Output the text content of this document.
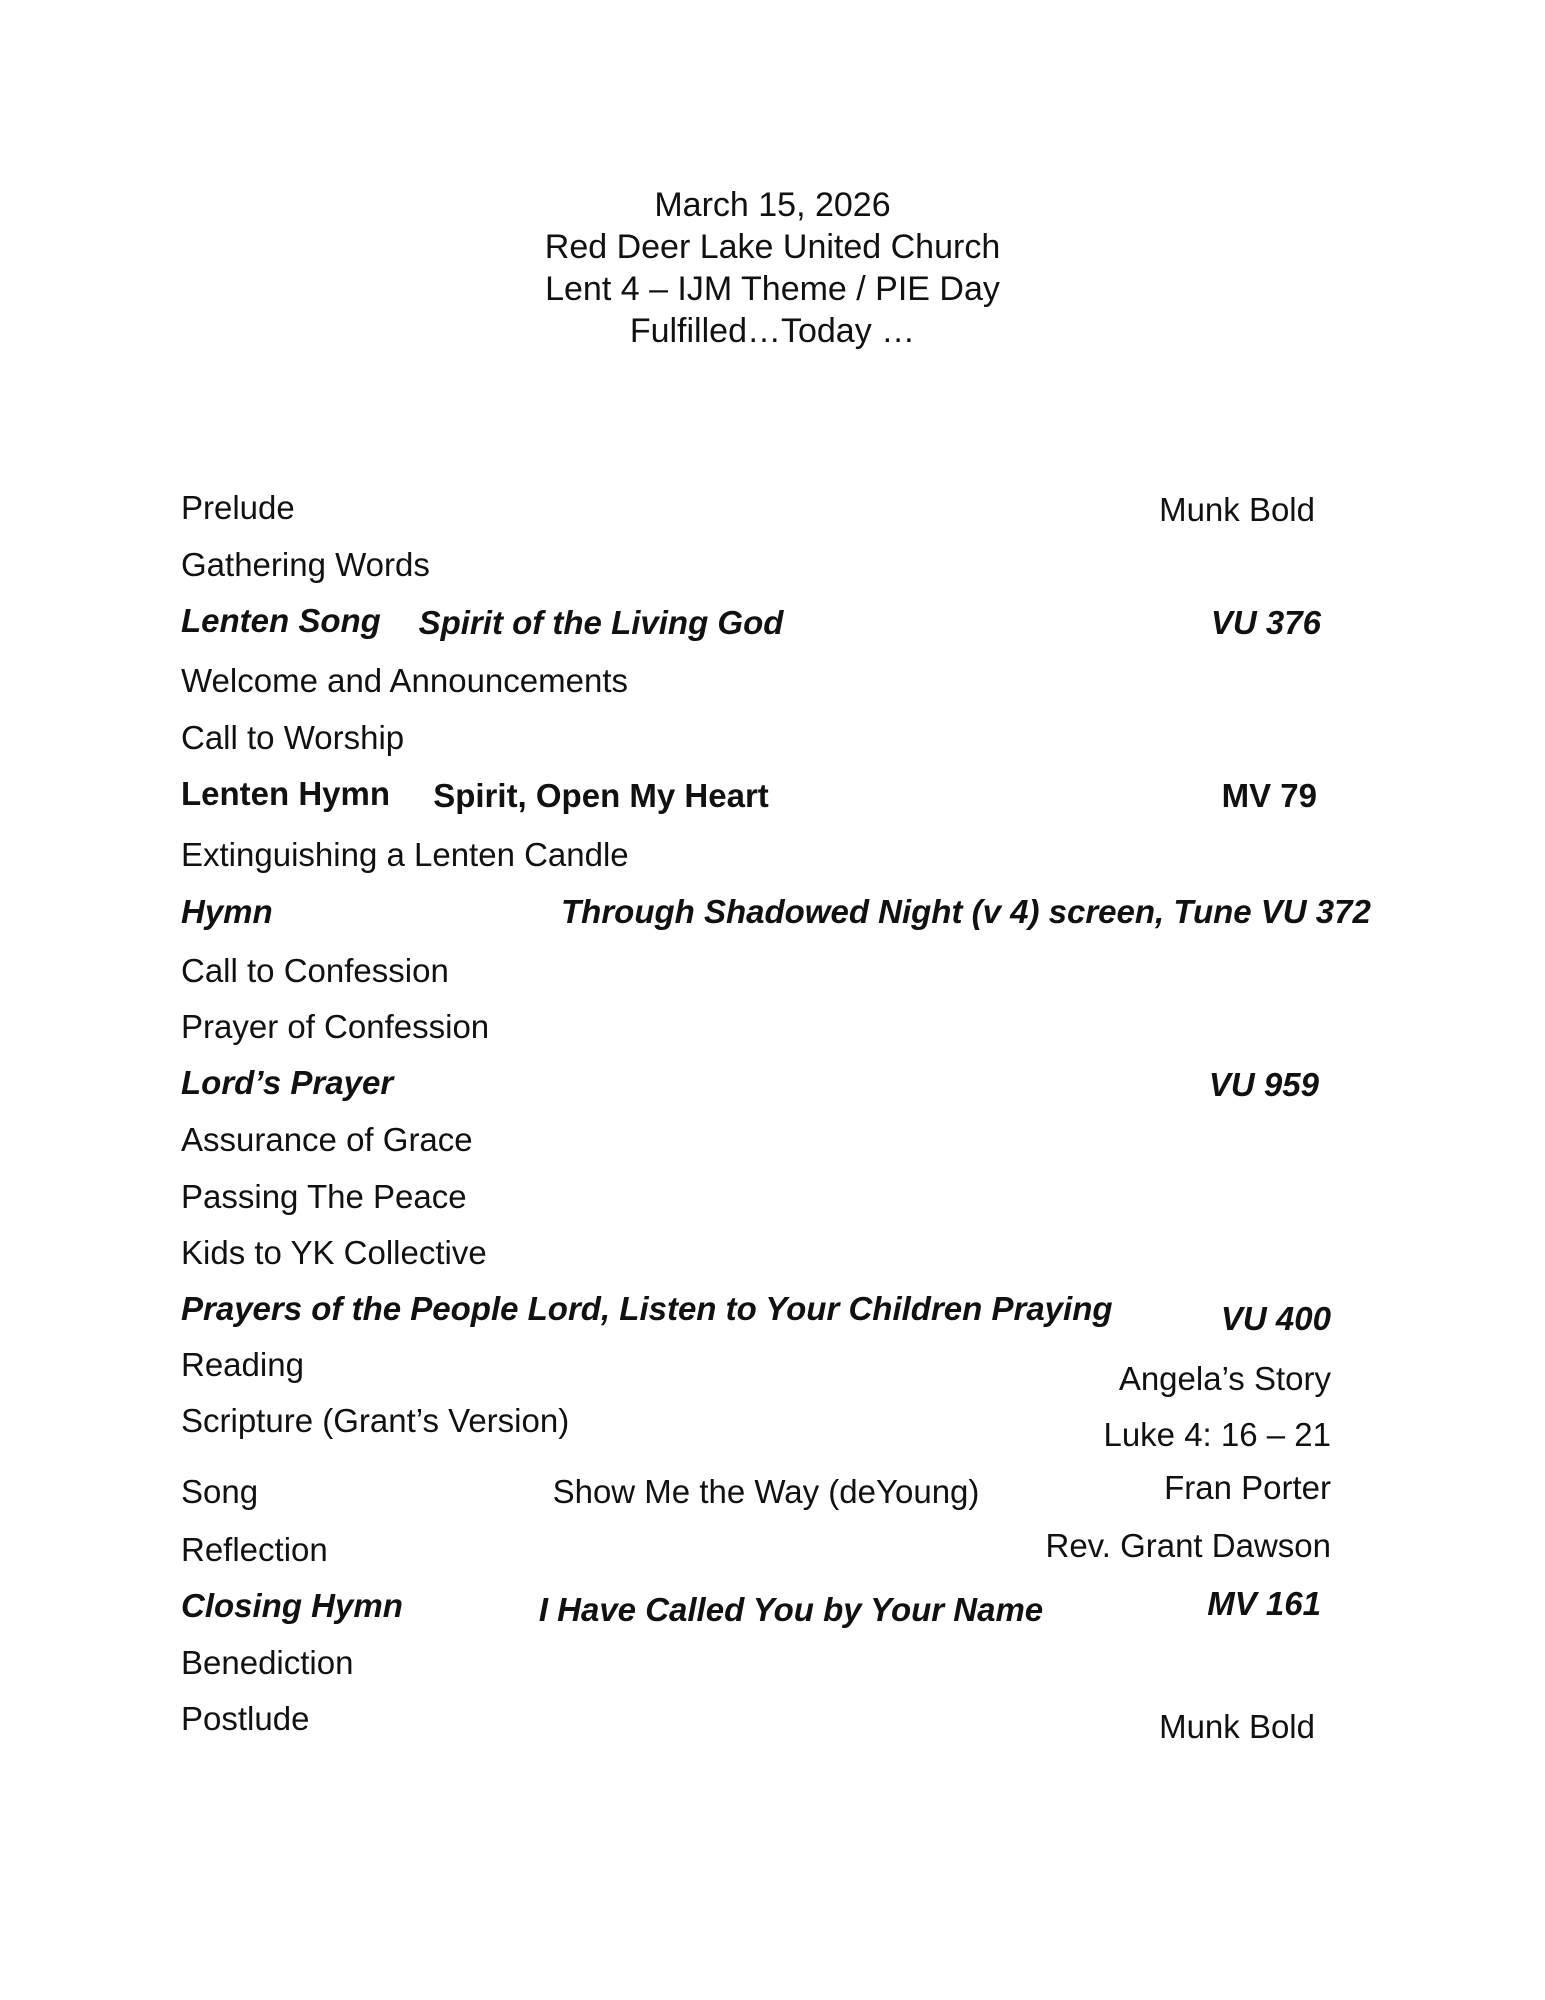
March 15, 2026
Red Deer Lake United Church
Lent 4 – IJM Theme / PIE Day
Fulfilled…Today …
Prelude	Munk Bold
Gathering Words
Lenten Song	Spirit of the Living God	VU 376
Welcome and Announcements
Call to Worship
Lenten Hymn	Spirit, Open My Heart	MV 79
Extinguishing a Lenten Candle
Hymn	Through Shadowed Night (v 4) screen, Tune VU 372
Call to Confession
Prayer of Confession
Lord’s Prayer	VU 959
Assurance of Grace
Passing The Peace
Kids to YK Collective
Prayers of the People Lord, Listen to Your Children Praying	VU 400
Reading	Angela’s Story
Scripture (Grant’s Version)	Luke 4: 16 – 21
Song	Show Me the Way (deYoung)	Fran Porter
Reflection	Rev. Grant Dawson
Closing Hymn	I Have Called You by Your Name	MV 161
Benediction
Postlude	Munk Bold
